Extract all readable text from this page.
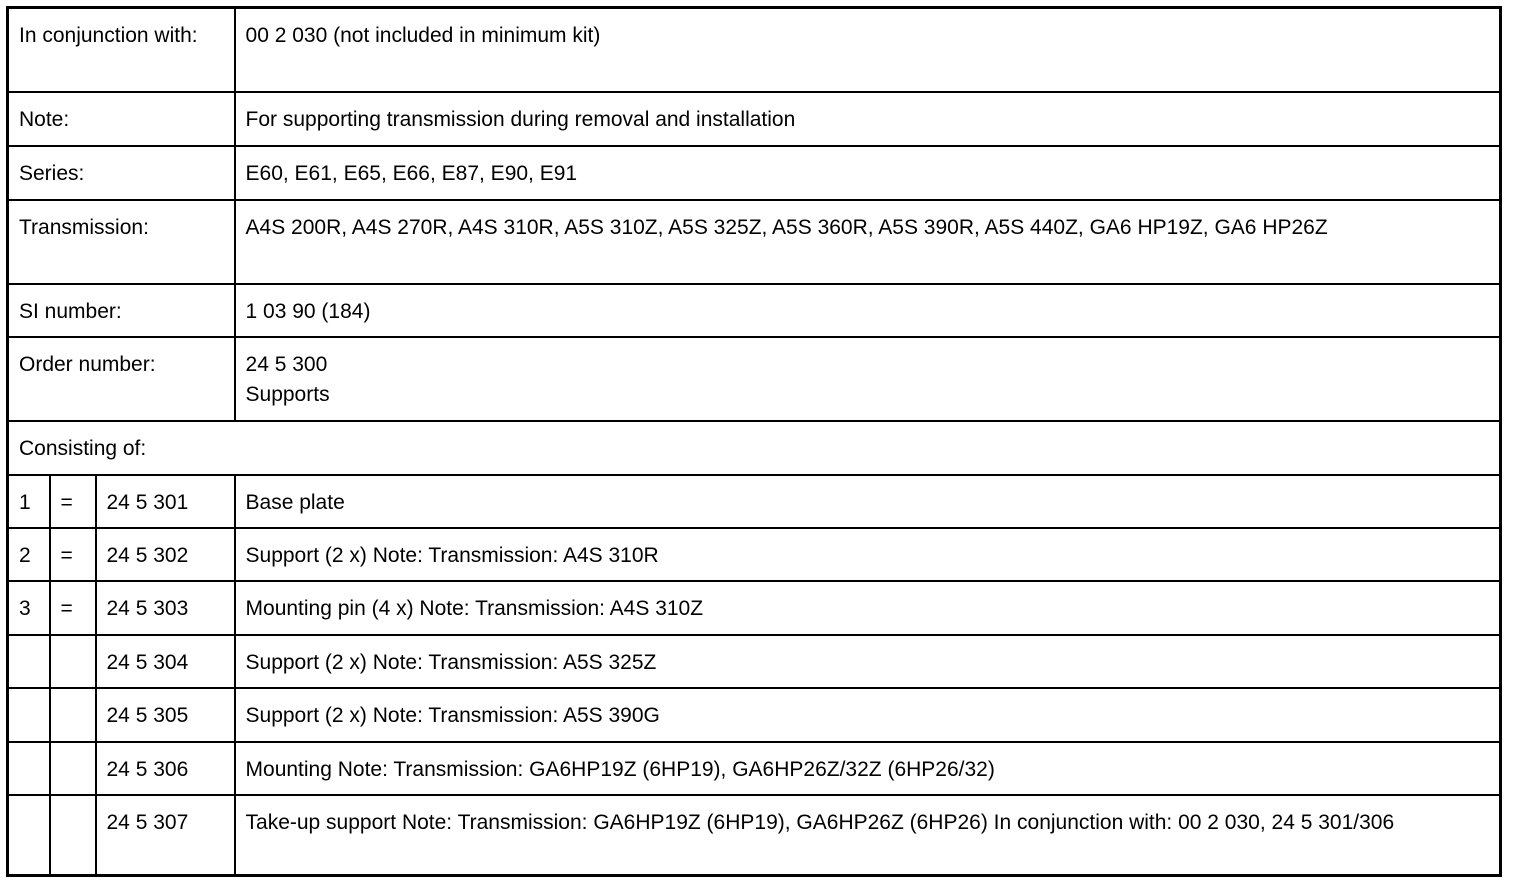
In conjunction with:			00 2 030 (not included in minimum kit)
Note:			For supporting transmission during removal and installation
Series:			E60, E61, E65, E66, E87, E90, E91
Transmission:			A4S 200R, A4S 270R, A4S 310R, A5S 310Z, A5S 325Z, A5S 360R, A5S 390R, A5S 440Z, GA6 HP19Z, GA6 HP26Z
SI number:			1 03 90 (184)
Order number:			24 5 300
Supports

Consisting of:			
1	=	24 5 301	Base plate
2	=	24 5 302	Support (2 x) Note: Transmission: A4S 310R
3	=	24 5 303	Mounting pin (4 x) Note: Transmission: A4S 310Z
		24 5 304	Support (2 x) Note: Transmission: A5S 325Z
		24 5 305	Support (2 x) Note: Transmission: A5S 390G
		24 5 306	Mounting Note: Transmission: GA6HP19Z (6HP19), GA6HP26Z/32Z (6HP26/32)
		24 5 307	Take-up support Note: Transmission: GA6HP19Z (6HP19), GA6HP26Z (6HP26) In conjunction with: 00 2 030, 24 5 301/306
